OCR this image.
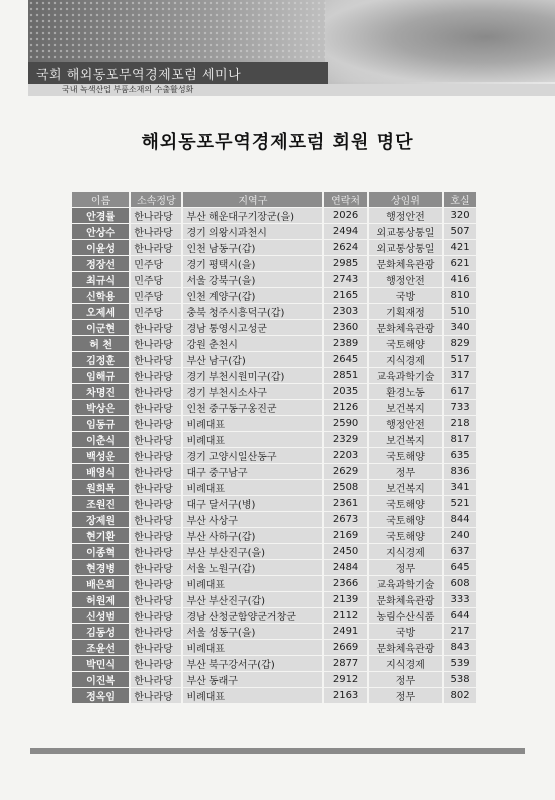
국회 해외동포무역경제포럼 세미나
국내 녹색산업 부품소재의 수출활성화
해외동포무역경제포럼 회원 명단
이름	소속정당	지역구	연락처	상임위	호실
안경률	한나라당	부산 해운대구기장군(을)	2026	행정안전	320
안상수	한나라당	경기 의왕시과천시	2494	외교통상통일	507
이윤성	한나라당	인천 남동구(갑)	2624	외교통상통일	421
정장선	민주당	경기 평택시(을)	2985	문화체육관광	621
최규식	민주당	서울 강북구(을)	2743	행정안전	416
신학용	민주당	인천 계양구(갑)	2165	국방	810
오제세	민주당	충북 청주시흥덕구(갑)	2303	기획재정	510
이군현	한나라당	경남 통영시고성군	2360	문화체육관광	340
허 천	한나라당	강원 춘천시	2389	국토해양	829
김정훈	한나라당	부산 남구(갑)	2645	지식경제	517
임해규	한나라당	경기 부천시원미구(갑)	2851	교육과학기술	317
차명진	한나라당	경기 부천시소사구	2035	환경노동	617
박상은	한나라당	인천 중구동구옹진군	2126	보건복지	733
임동규	한나라당	비례대표	2590	행정안전	218
이춘식	한나라당	비례대표	2329	보건복지	817
백성운	한나라당	경기 고양시일산동구	2203	국토해양	635
배영식	한나라당	대구 중구남구	2629	정무	836
원희목	한나라당	비례대표	2508	보건복지	341
조원진	한나라당	대구 달서구(병)	2361	국토해양	521
장제원	한나라당	부산 사상구	2673	국토해양	844
현기환	한나라당	부산 사하구(갑)	2169	국토해양	240
이종혁	한나라당	부산 부산진구(을)	2450	지식경제	637
현경병	한나라당	서울 노원구(갑)	2484	정무	645
배은희	한나라당	비례대표	2366	교육과학기술	608
허원제	한나라당	부산 부산진구(갑)	2139	문화체육관광	333
신성범	한나라당	경남 산청군함양군거창군	2112	농림수산식품	644
김동성	한나라당	서울 성동구(을)	2491	국방	217
조윤선	한나라당	비례대표	2669	문화체육관광	843
박민식	한나라당	부산 북구강서구(갑)	2877	지식경제	539
이진복	한나라당	부산 동래구	2912	정무	538
정옥임	한나라당	비례대표	2163	정무	802
